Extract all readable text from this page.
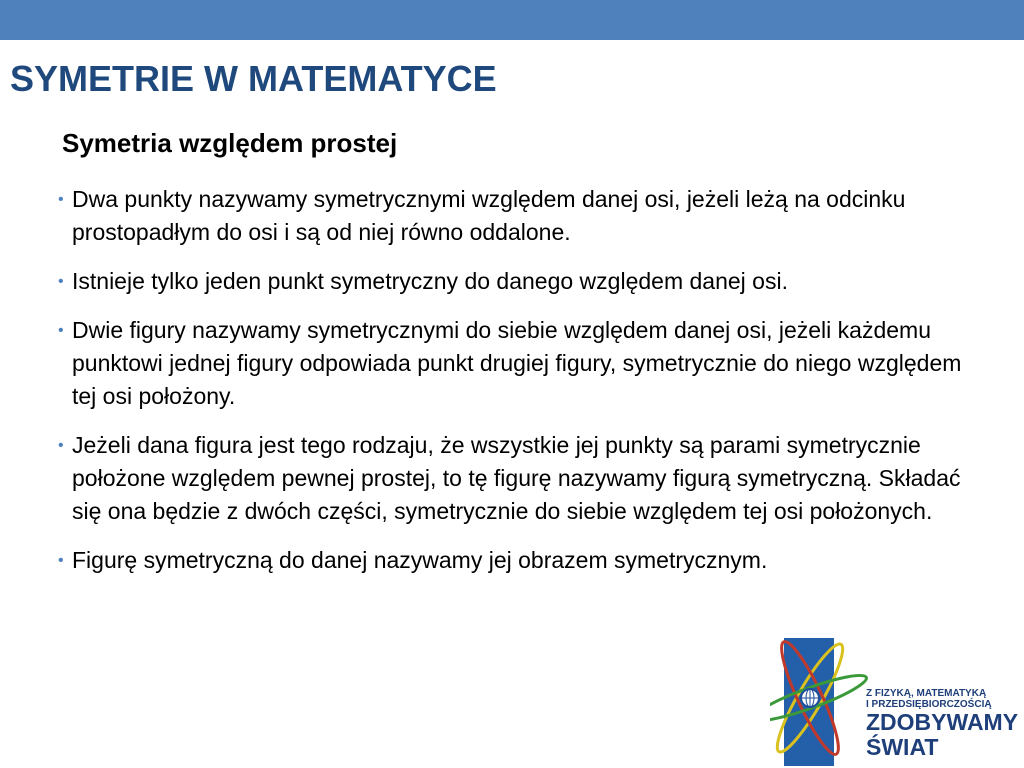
SYMETRIE W MATEMATYCE
Symetria względem prostej
• Dwa punkty nazywamy symetrycznymi względem danej osi, jeżeli leżą na odcinku prostopadłym do osi i są od niej równo oddalone.
• Istnieje tylko jeden punkt symetryczny do danego względem danej osi.
• Dwie figury nazywamy symetrycznymi do siebie względem danej osi, jeżeli każdemu punktowi jednej figury odpowiada punkt drugiej figury, symetrycznie do niego względem tej osi położony.
• Jeżeli dana figura jest tego rodzaju, że wszystkie jej punkty są parami symetrycznie położone względem pewnej prostej, to tę figurę nazywamy figurą symetryczną. Składać się ona będzie z dwóch części, symetrycznie do siebie względem tej osi położonych.
• Figurę symetryczną do danej nazywamy jej obrazem symetrycznym.
Z FIZYKĄ, MATEMATYKĄ
I PRZEDSIĘBIORCZOŚCIĄ
ZDOBYWAMY
ŚWIAT
